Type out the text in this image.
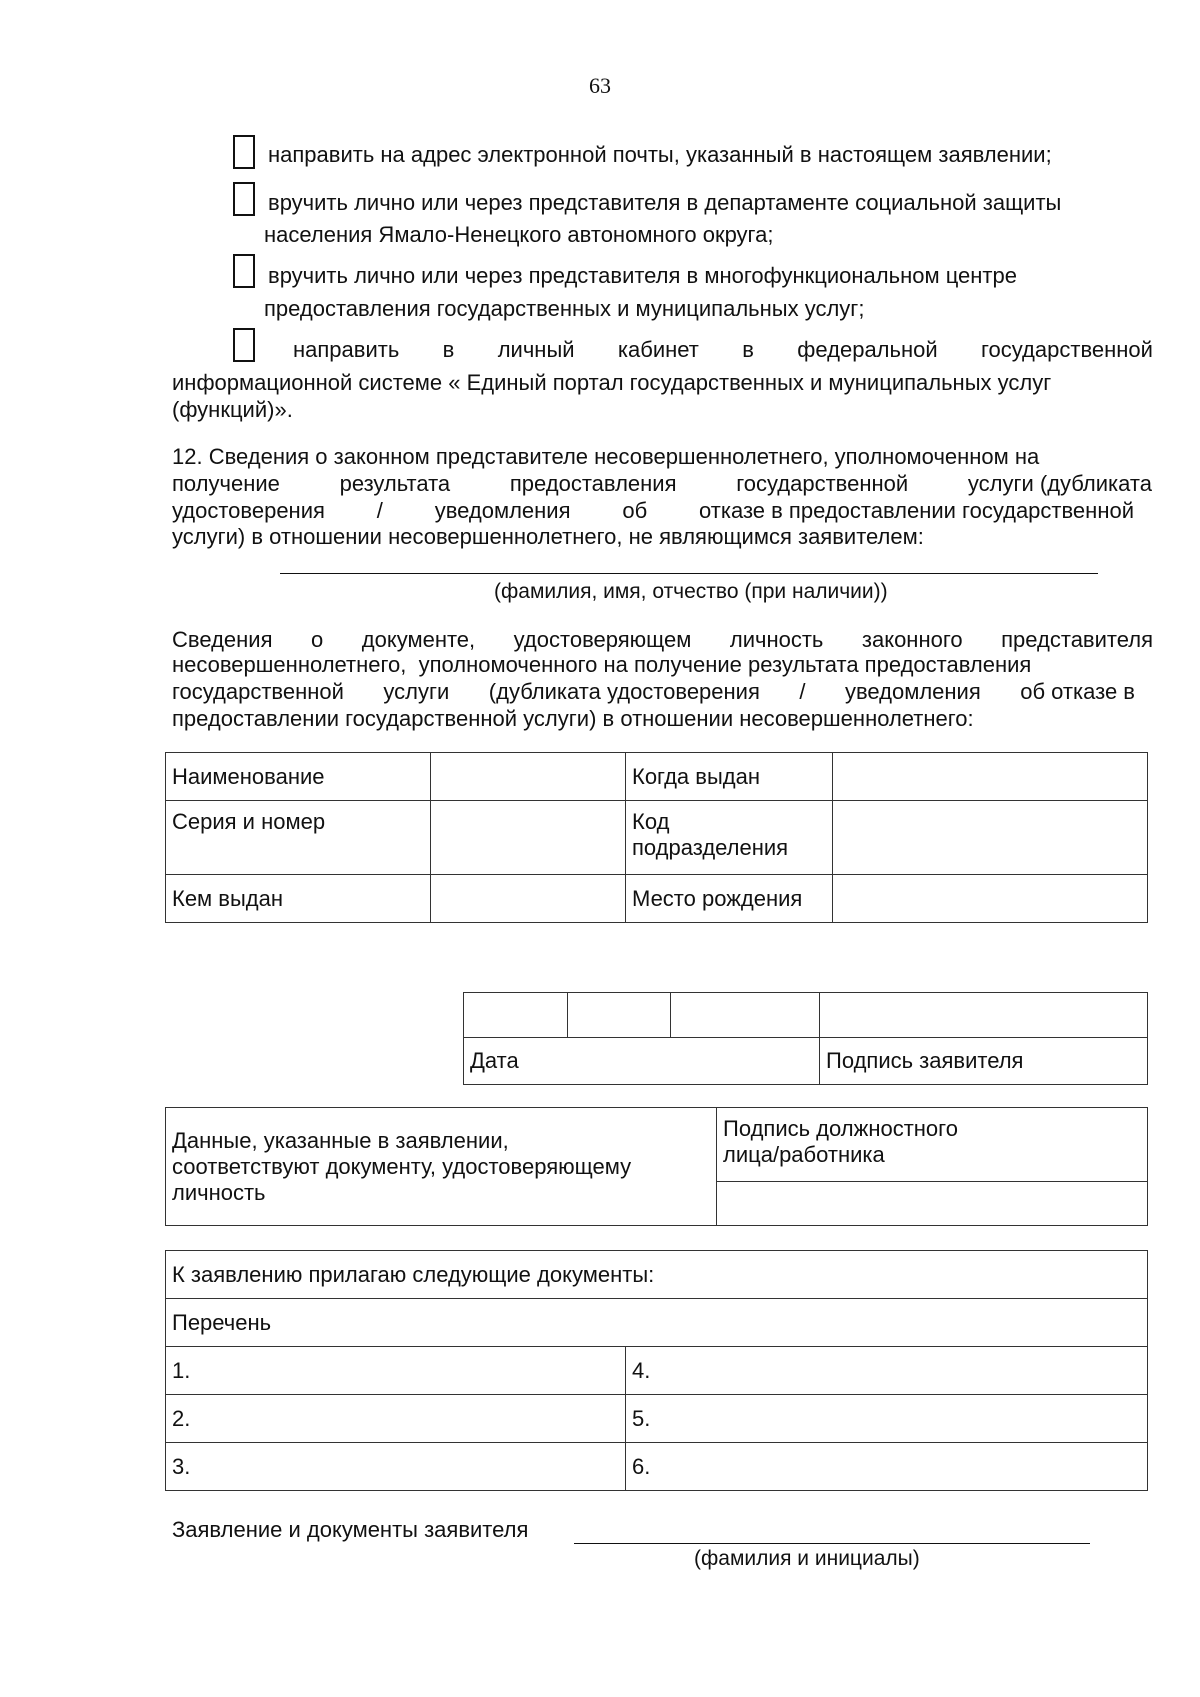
63
направить на адрес электронной почты, указанный в настоящем заявлении;
вручить лично или через представителя в департаменте социальной защиты
населения Ямало-Ненецкого автономного округа;
вручить лично или через представителя в многофункциональном центре
предоставления государственных и муниципальных услуг;
направить в личный кабинет в федеральной государственной
информационной системе « Единый портал государственных и муниципальных услуг
(функций)».
12. Сведения о законном представителе несовершеннолетнего, уполномоченном на
получение	результата	предоставления	государственной	услуги (дубликата
удостоверения / уведомления об отказе в предоставлении государственной
услуги) в отношении несовершеннолетнего, не являющимся заявителем:
(фамилия, имя, отчество (при наличии))
Сведения о документе, удостоверяющем личность законного представителя
несовершеннолетнего,  уполномоченного на получение результата предоставления
государственной услуги (дубликата удостоверения / уведомления об отказе в
предоставлении государственной услуги) в отношении несовершеннолетнего:
Наименование		Когда выдан	
Серия и номер		Код
подразделения	
Кем выдан		Место рождения	

Дата			Подпись заявителя
Данные, указанные в заявлении,
соответствуют документу, удостоверяющему
личность	Подпись должностного
лица/работника

К заявлению прилагаю следующие документы:	
Перечень	
1.	4.
2.	5.
3.	6.
Заявление и документы заявителя
(фамилия и инициалы)
